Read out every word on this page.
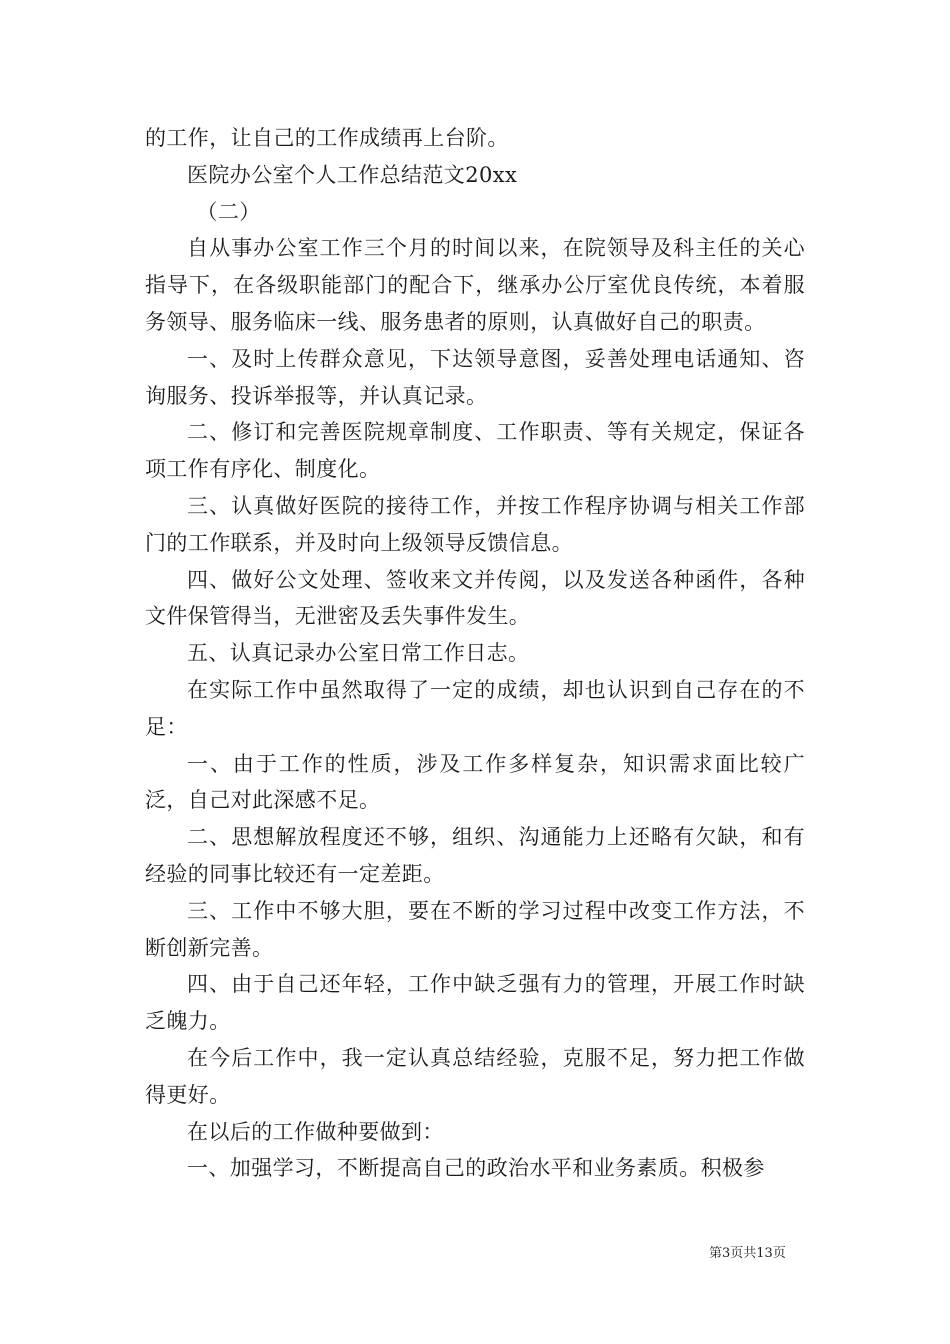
的工作，让自己的工作成绩再上台阶。

医院办公室个人工作总结范文20xx

（二）

自从事办公室工作三个月的时间以来，在院领导及科主任的关心指导下，在各级职能部门的配合下，继承办公厅室优良传统，本着服务领导、服务临床一线、服务患者的原则，认真做好自己的职责。

一、及时上传群众意见，下达领导意图，妥善处理电话通知、咨询服务、投诉举报等，并认真记录。

二、修订和完善医院规章制度、工作职责、等有关规定，保证各项工作有序化、制度化。

三、认真做好医院的接待工作，并按工作程序协调与相关工作部门的工作联系，并及时向上级领导反馈信息。

四、做好公文处理、签收来文并传阅，以及发送各种函件，各种文件保管得当，无泄密及丢失事件发生。

五、认真记录办公室日常工作日志。

在实际工作中虽然取得了一定的成绩，却也认识到自己存在的不足：

一、由于工作的性质，涉及工作多样复杂，知识需求面比较广泛，自己对此深感不足。

二、思想解放程度还不够，组织、沟通能力上还略有欠缺，和有经验的同事比较还有一定差距。

三、工作中不够大胆，要在不断的学习过程中改变工作方法，不断创新完善。

四、由于自己还年轻，工作中缺乏强有力的管理，开展工作时缺乏魄力。

在今后工作中，我一定认真总结经验，克服不足，努力把工作做得更好。

在以后的工作做种要做到：

一、加强学习，不断提高自己的政治水平和业务素质。积极参

第3页共13页
